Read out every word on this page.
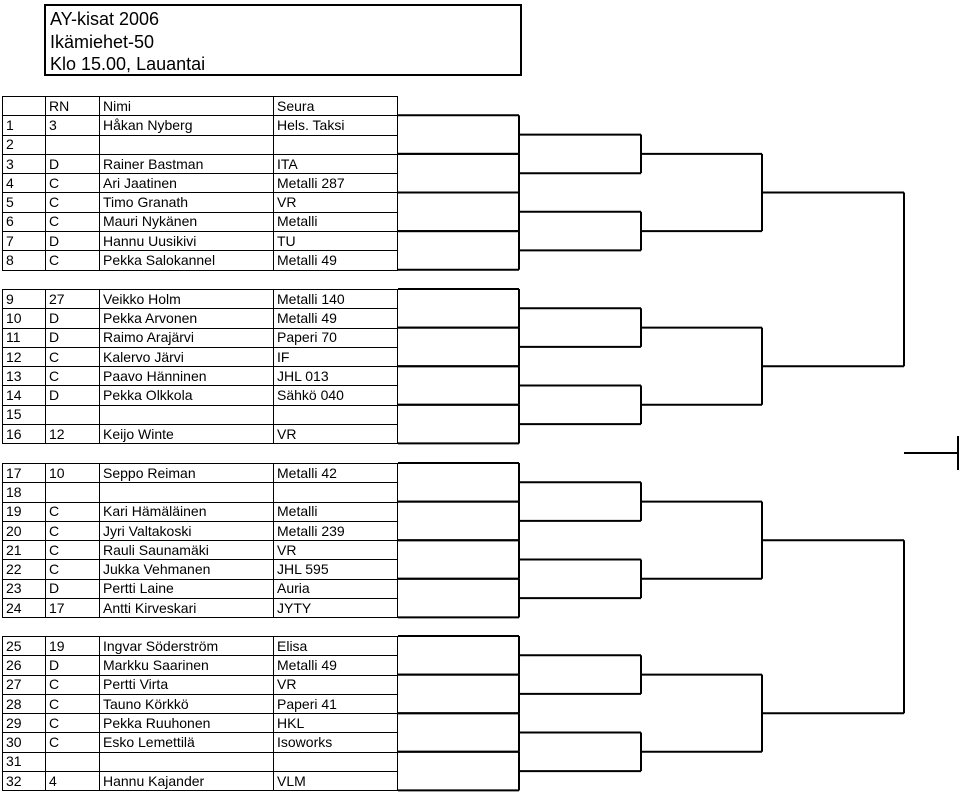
AY-kisat 2006
Ikämiehet-50
Klo 15.00, Lauantai
	RN	Nimi	Seura
1	3	Håkan Nyberg	Hels. Taksi
2			
3	D	Rainer Bastman	ITA
4	C	Ari Jaatinen	Metalli 287
5	C	Timo Granath	VR
6	C	Mauri Nykänen	Metalli
7	D	Hannu Uusikivi	TU
8	C	Pekka Salokannel	Metalli 49
9	27	Veikko Holm	Metalli 140
10	D	Pekka Arvonen	Metalli 49
11	D	Raimo Arajärvi	Paperi 70
12	C	Kalervo Järvi	IF
13	C	Paavo Hänninen	JHL 013
14	D	Pekka Olkkola	Sähkö 040
15			
16	12	Keijo Winte	VR
17	10	Seppo Reiman	Metalli 42
18			
19	C	Kari Hämäläinen	Metalli
20	C	Jyri Valtakoski	Metalli 239
21	C	Rauli Saunamäki	VR
22	C	Jukka Vehmanen	JHL 595
23	D	Pertti Laine	Auria
24	17	Antti Kirveskari	JYTY
25	19	Ingvar Söderström	Elisa
26	D	Markku Saarinen	Metalli 49
27	C	Pertti Virta	VR
28	C	Tauno Körkkö	Paperi 41
29	C	Pekka Ruuhonen	HKL
30	C	Esko Lemettilä	Isoworks
31			
32	4	Hannu Kajander	VLM
